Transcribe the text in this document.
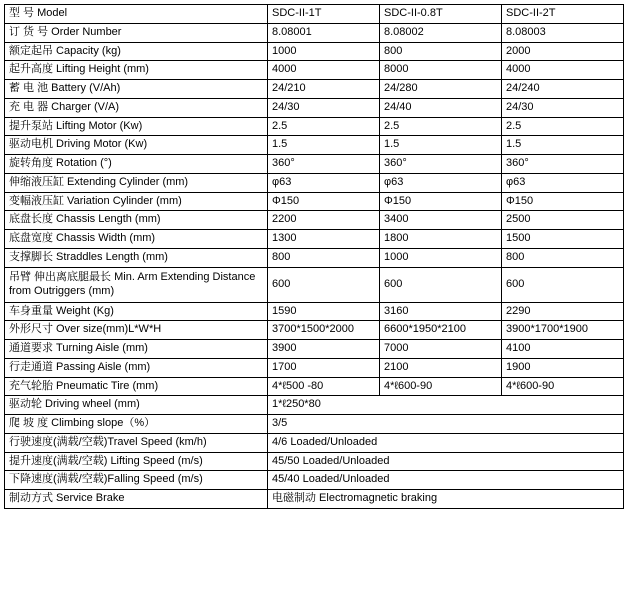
型 号 Model	SDC-II-1T	SDC-II-0.8T	SDC-II-2T
订 货 号 Order Number	8.08001	8.08002	8.08003
额定起吊 Capacity (kg)	1000	800	2000
起升高度 Lifting Height (mm)	4000	8000	4000
蓄 电 池 Battery (V/Ah)	24/210	24/280	24/240
充 电 器 Charger (V/A)	24/30	24/40	24/30
提升泵站 Lifting Motor (Kw)	2.5	2.5	2.5
驱动电机 Driving Motor (Kw)	1.5	1.5	1.5
旋转角度 Rotation (°)	360°	360°	360°
伸缩液压缸 Extending Cylinder (mm)	φ63	φ63	φ63
变幅液压缸 Variation Cylinder (mm)	Φ150	Φ150	Φ150
底盘长度 Chassis Length (mm)	2200	3400	2500
底盘宽度 Chassis Width (mm)	1300	1800	1500
支撑脚长 Straddles Length (mm)	800	1000	800
吊臂 伸出离底腿最长 Min. Arm Extending Distance from Outriggers (mm)	600	600	600
车身重量 Weight (Kg)	1590	3160	2290
外形尺寸 Over size(mm)L*W*H	3700*1500*2000	6600*1950*2100	3900*1700*1900
通道要求 Turning Aisle (mm)	3900	7000	4100
行走通道 Passing Aisle (mm)	1700	2100	1900
充气轮胎 Pneumatic Tire (mm)	4*ℓ500 -80	4*ℓ600-90	4*ℓ600-90
驱动轮 Driving wheel (mm)	1*ℓ250*80		
爬 坡 度 Climbing slope（%）	3/5		
行驶速度(满载/空载)Travel Speed (km/h)	4/6 Loaded/Unloaded		
提升速度(满载/空载) Lifting Speed (m/s)	45/50 Loaded/Unloaded		
下降速度(满载/空载)Falling Speed (m/s)	45/40 Loaded/Unloaded		
制动方式 Service Brake	电磁制动 Electromagnetic braking		
